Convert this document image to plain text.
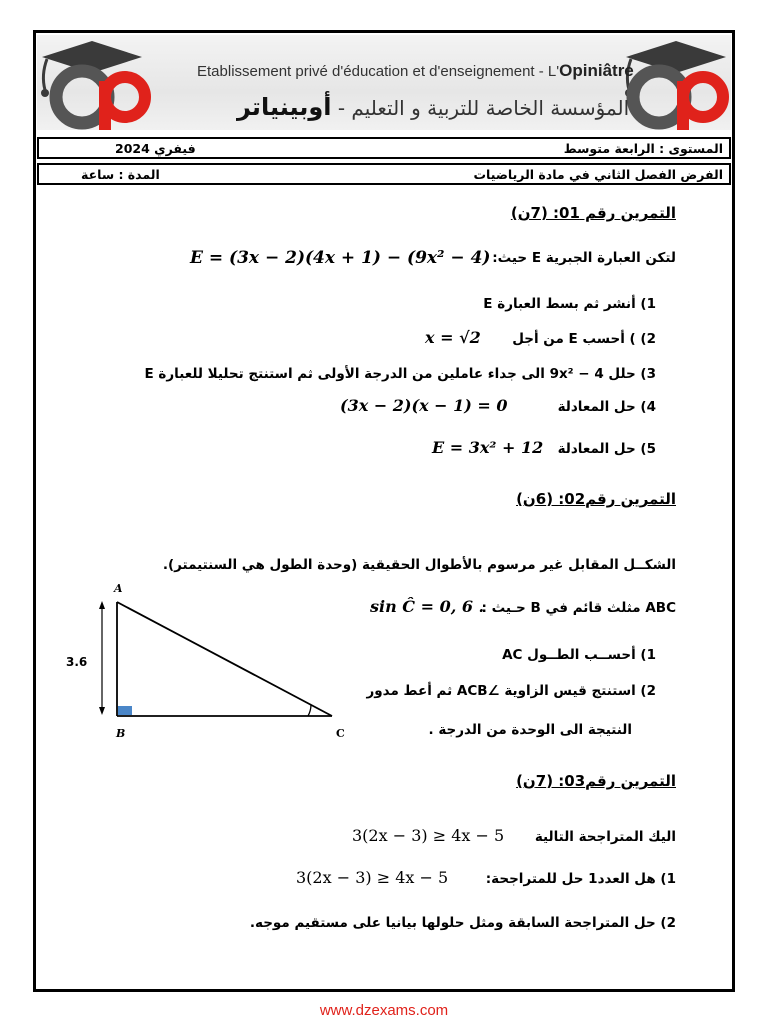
Etablissement privé d'éducation et d'enseignement - L'Opiniâtre
المؤسسة الخاصة للتربية و التعليم - أوبينياتر
المستوى : الرابعة متوسط
فيفري 2024
الفرض الفصل الثاني في مادة الرياضيات
المدة : ساعة
التمرين رقم 01: (7ن)
لتكن العبارة الجبرية E حيث:
E = (3x − 2)(4x + 1) − (9x² − 4)
1) أنشر ثم بسط العبارة E
2) ) أحسب E من أجل
x = √2
3) حلل 4 − 9x² الى جداء عاملين من الدرجة الأولى ثم استنتج تحليلا للعبارة E
4) حل المعادلة
(3x − 2)(x − 1) = 0
5) حل المعادلة
E = 3x² + 12
التمرين رقم02: (6ن)
الشكــل المقابل غير مرسوم بالأطوال الحقيقية (وحدة الطول هي السنتيمتر).
ABC مثلث قائم في B حـيث :
sin Ĉ = 0, 6 .
1) أحســب الطــول AC
2) استنتج قيس الزاوية ∠ACB ثم أعط مدور
النتيجة الى الوحدة من الدرجة .
A
B	C
3.6
التمرين رقم03: (7ن)
اليك المتراجحة التالية
3(2x − 3) ≥ 4x − 5
1) هل العدد1 حل للمتراجحة:
3(2x − 3) ≥ 4x − 5
2) حل المتراجحة السابقة ومثل حلولها بيانيا على مستقيم موجه.
www.dzexams.com
